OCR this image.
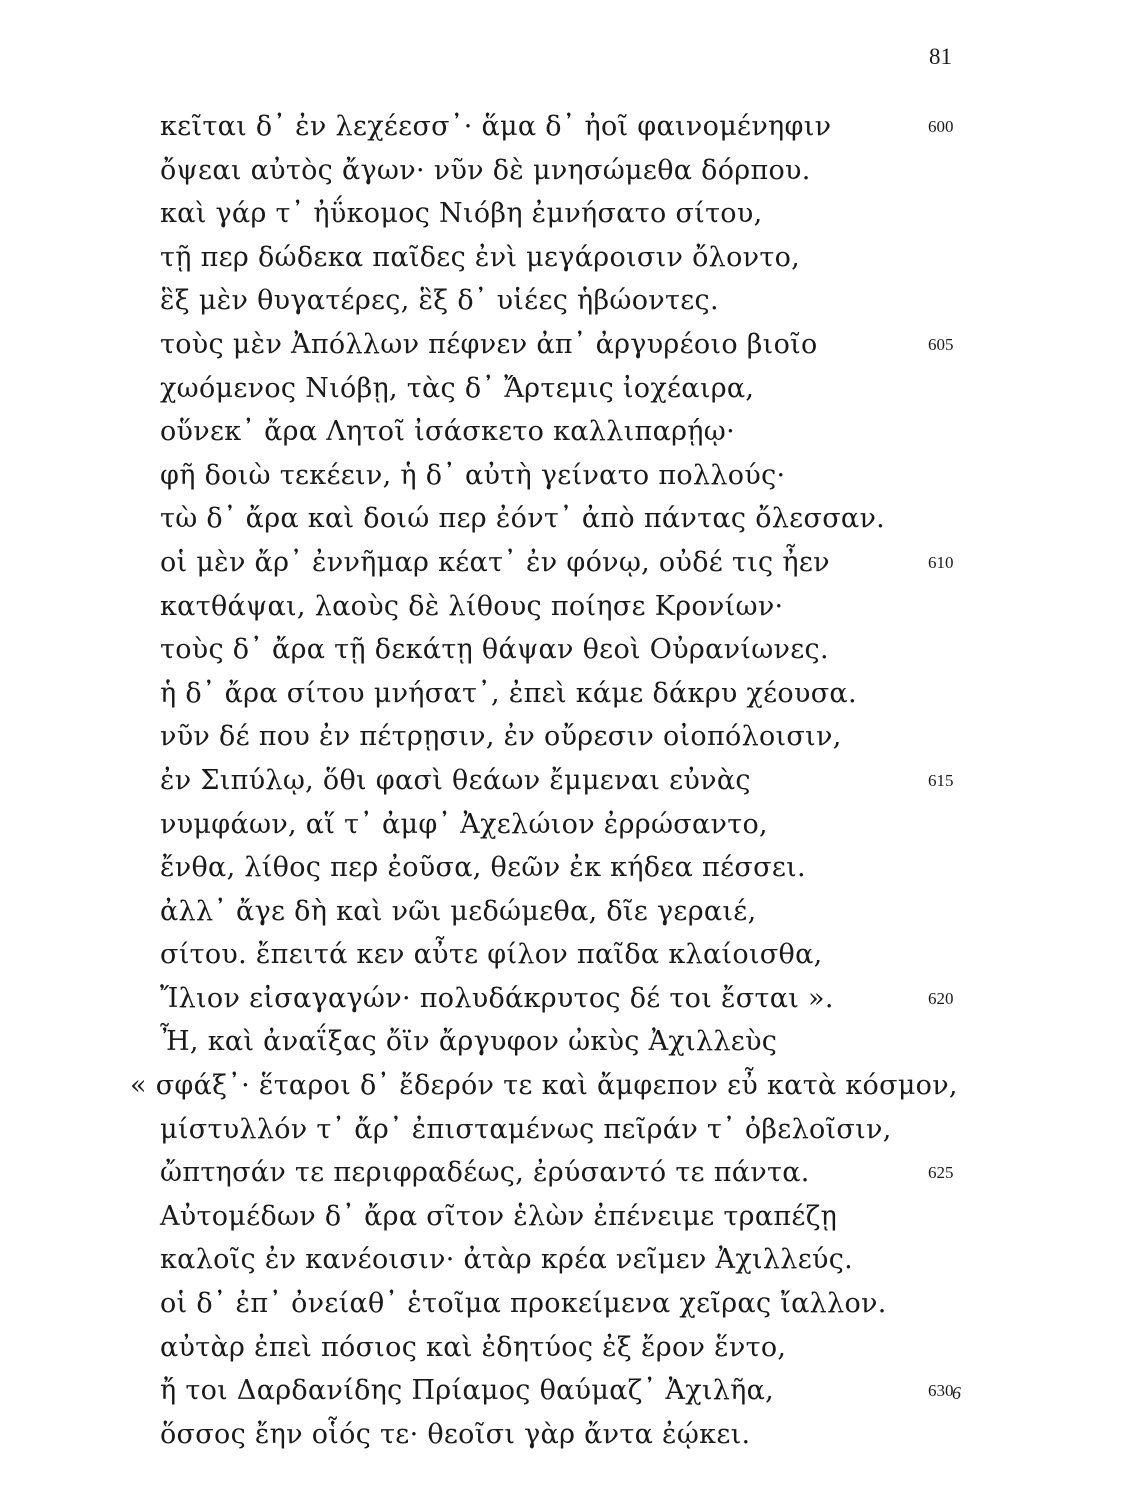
81
κεῖται δ᾽ ἐν λεχέεσσ᾽· ἅμα δ᾽ ἠοῖ φαινομένηφιν	600
ὄψεαι αὐτὸς ἄγων· νῦν δὲ μνησώμεθα δόρπου.
καὶ γάρ τ᾽ ἠΰκομος Νιόβη ἐμνήσατο σίτου,
τῇ περ δώδεκα παῖδες ἐνὶ μεγάροισιν ὄλοντο,
ἓξ μὲν θυγατέρες, ἓξ δ᾽ υἱέες ἡβώοντες.
τοὺς μὲν Ἀπόλλων πέφνεν ἀπ᾽ ἀργυρέοιο βιοῖο	605
χωόμενος Νιόβῃ, τὰς δ᾽ Ἄρτεμις ἰοχέαιρα,
οὕνεκ᾽ ἄρα Λητοῖ ἰσάσκετο καλλιπαρῄῳ·
φῆ δοιὼ τεκέειν, ἡ δ᾽ αὐτὴ γείνατο πολλούς·
τὼ δ᾽ ἄρα καὶ δοιώ περ ἐόντ᾽ ἀπὸ πάντας ὄλεσσαν.
οἱ μὲν ἄρ᾽ ἐννῆμαρ κέατ᾽ ἐν φόνῳ, οὐδέ τις ἦεν	610
κατθάψαι, λαοὺς δὲ λίθους ποίησε Κρονίων·
τοὺς δ᾽ ἄρα τῇ δεκάτῃ θάψαν θεοὶ Οὐρανίωνες.
ἡ δ᾽ ἄρα σίτου μνήσατ᾽, ἐπεὶ κάμε δάκρυ χέουσα.
νῦν δέ που ἐν πέτρῃσιν, ἐν οὔρεσιν οἰοπόλοισιν,
ἐν Σιπύλῳ, ὅθι φασὶ θεάων ἔμμεναι εὐνὰς	615
νυμφάων, αἵ τ᾽ ἀμφ᾽ Ἀχελώιον ἐρρώσαντο,
ἔνθα, λίθος περ ἐοῦσα, θεῶν ἐκ κήδεα πέσσει.
ἀλλ᾽ ἄγε δὴ καὶ νῶι μεδώμεθα, δῖε γεραιέ,
σίτου. ἔπειτά κεν αὖτε φίλον παῖδα κλαίοισθα,
Ἴλιον εἰσαγαγών· πολυδάκρυτος δέ τοι ἔσται ».	620
Ἦ, καὶ ἀναΐξας ὄϊν ἄργυφον ὠκὺς Ἀχιλλεὺς
« σφάξ᾽· ἕταροι δ᾽ ἔδερόν τε καὶ ἄμφεπον εὖ κατὰ κόσμον,
μίστυλλόν τ᾽ ἄρ᾽ ἐπισταμένως πεῖράν τ᾽ ὀβελοῖσιν,
ὤπτησάν τε περιφραδέως, ἐρύσαντό τε πάντα.	625
Αὐτομέδων δ᾽ ἄρα σῖτον ἑλὼν ἐπένειμε τραπέζῃ
καλοῖς ἐν κανέοισιν· ἀτὰρ κρέα νεῖμεν Ἀχιλλεύς.
οἱ δ᾽ ἐπ᾽ ὀνείαθ᾽ ἑτοῖμα προκείμενα χεῖρας ἴαλλον.
αὐτὰρ ἐπεὶ πόσιος καὶ ἐδητύος ἐξ ἔρον ἕντο,
ἤ τοι Δαρδανίδης Πρίαμος θαύμαζ᾽ Ἀχιλῆα,	630
ὅσσος ἔην οἷός τε· θεοῖσι γὰρ ἄντα ἐῴκει.
6
